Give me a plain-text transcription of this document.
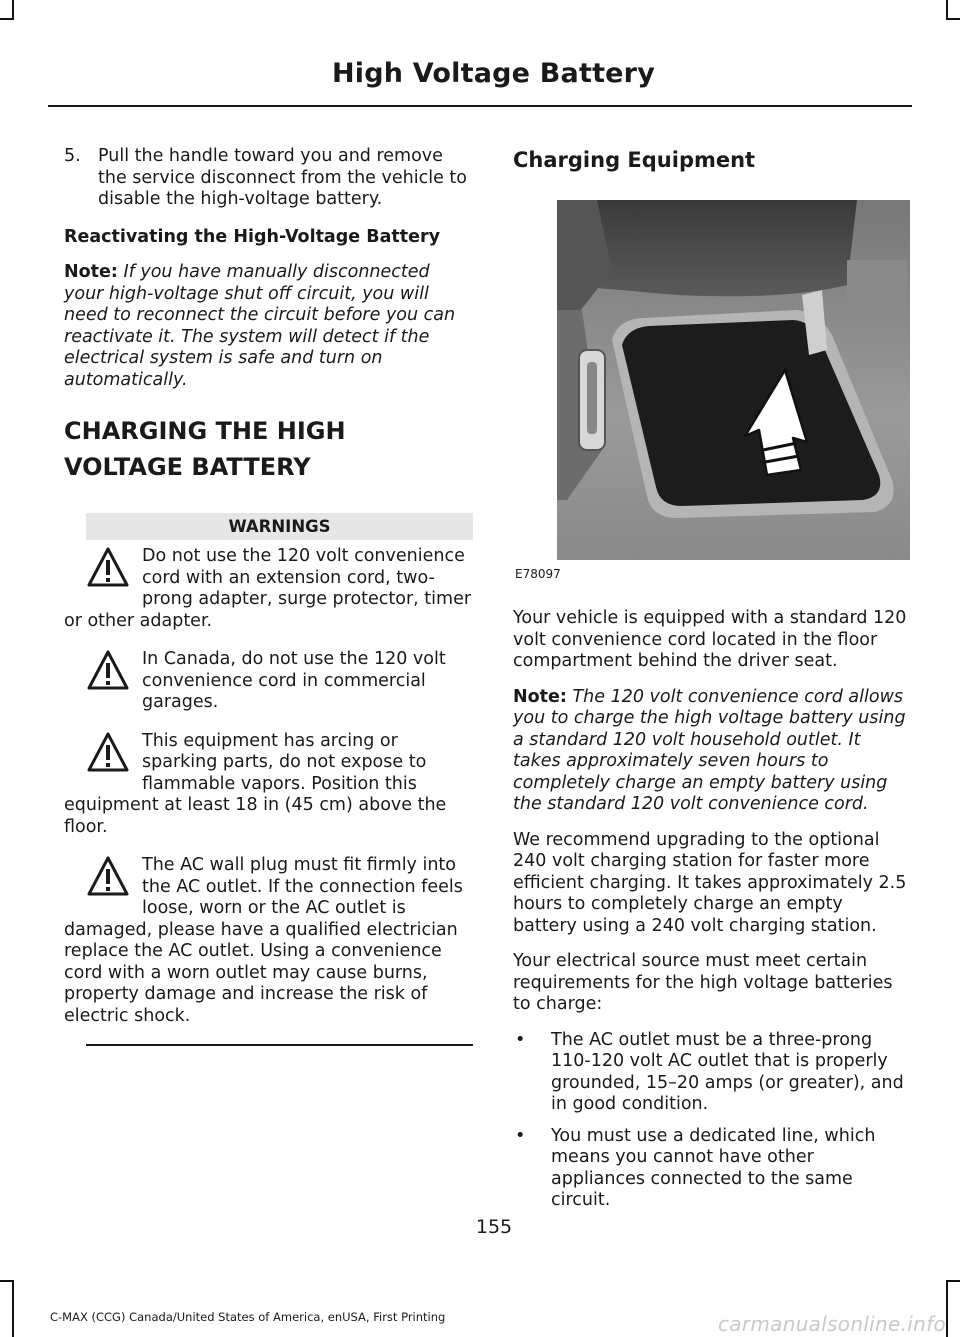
High Voltage Battery
5. Pull the handle toward you and remove the service disconnect from the vehicle to disable the high-voltage battery.
Reactivating the High-Voltage Battery

Note: If you have manually disconnected your high-voltage shut off circuit, you will need to reconnect the circuit before you can reactivate it. The system will detect if the electrical system is safe and turn on automatically.

CHARGING THE HIGH
VOLTAGE BATTERY
WARNINGS
Do not use the 120 volt convenience cord with an extension cord, two-prong adapter, surge protector, timer or other adapter.
In Canada, do not use the 120 volt convenience cord in commercial garages.
This equipment has arcing or sparking parts, do not expose to flammable vapors. Position this equipment at least 18 in (45 cm) above the floor.
The AC wall plug must fit firmly into the AC outlet. If the connection feels loose, worn or the AC outlet is damaged, please have a qualified electrician replace the AC outlet. Using a convenience cord with a worn outlet may cause burns, property damage and increase the risk of electric shock.
Charging Equipment
E78097

Your vehicle is equipped with a standard 120 volt convenience cord located in the floor compartment behind the driver seat.

Note: The 120 volt convenience cord allows you to charge the high voltage battery using a standard 120 volt household outlet. It takes approximately seven hours to completely charge an empty battery using the standard 120 volt convenience cord.

We recommend upgrading to the optional 240 volt charging station for faster more efficient charging. It takes approximately 2.5 hours to completely charge an empty battery using a 240 volt charging station.

Your electrical source must meet certain requirements for the high voltage batteries to charge:

•	The AC outlet must be a three-prong 110-120 volt AC outlet that is properly grounded, 15–20 amps (or greater), and in good condition.
•	You must use a dedicated line, which means you cannot have other appliances connected to the same circuit.
155
C-MAX (CCG) Canada/United States of America, enUSA, First Printing	carmanualsonline.info
